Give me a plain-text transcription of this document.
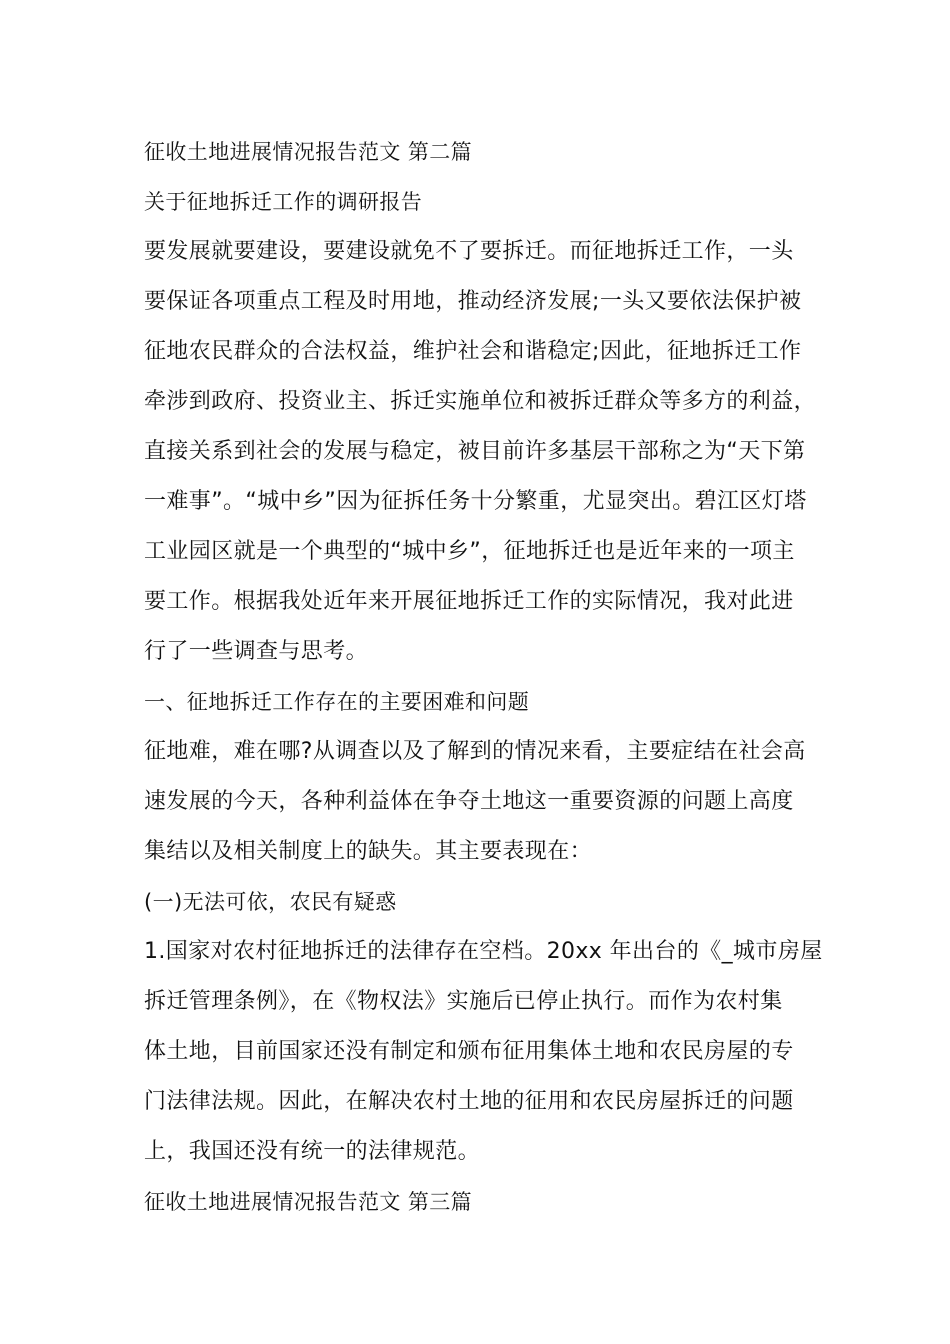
征收土地进展情况报告范文 第二篇
关于征地拆迁工作的调研报告
要发展就要建设，要建设就免不了要拆迁。而征地拆迁工作，一头
要保证各项重点工程及时用地，推动经济发展;一头又要依法保护被
征地农民群众的合法权益，维护社会和谐稳定;因此，征地拆迁工作
牵涉到政府、投资业主、拆迁实施单位和被拆迁群众等多方的利益，
直接关系到社会的发展与稳定，被目前许多基层干部称之为“天下第
一难事”。“城中乡”因为征拆任务十分繁重，尤显突出。碧江区灯塔
工业园区就是一个典型的“城中乡”，征地拆迁也是近年来的一项主
要工作。根据我处近年来开展征地拆迁工作的实际情况，我对此进
行了一些调查与思考。
一、征地拆迁工作存在的主要困难和问题
征地难，难在哪?从调查以及了解到的情况来看，主要症结在社会高
速发展的今天，各种利益体在争夺土地这一重要资源的问题上高度
集结以及相关制度上的缺失。其主要表现在：
(一)无法可依，农民有疑惑
1.国家对农村征地拆迁的法律存在空档。20xx 年出台的《_城市房屋
拆迁管理条例》，在《物权法》实施后已停止执行。而作为农村集
体土地，目前国家还没有制定和颁布征用集体土地和农民房屋的专
门法律法规。因此，在解决农村土地的征用和农民房屋拆迁的问题
上，我国还没有统一的法律规范。
征收土地进展情况报告范文 第三篇
